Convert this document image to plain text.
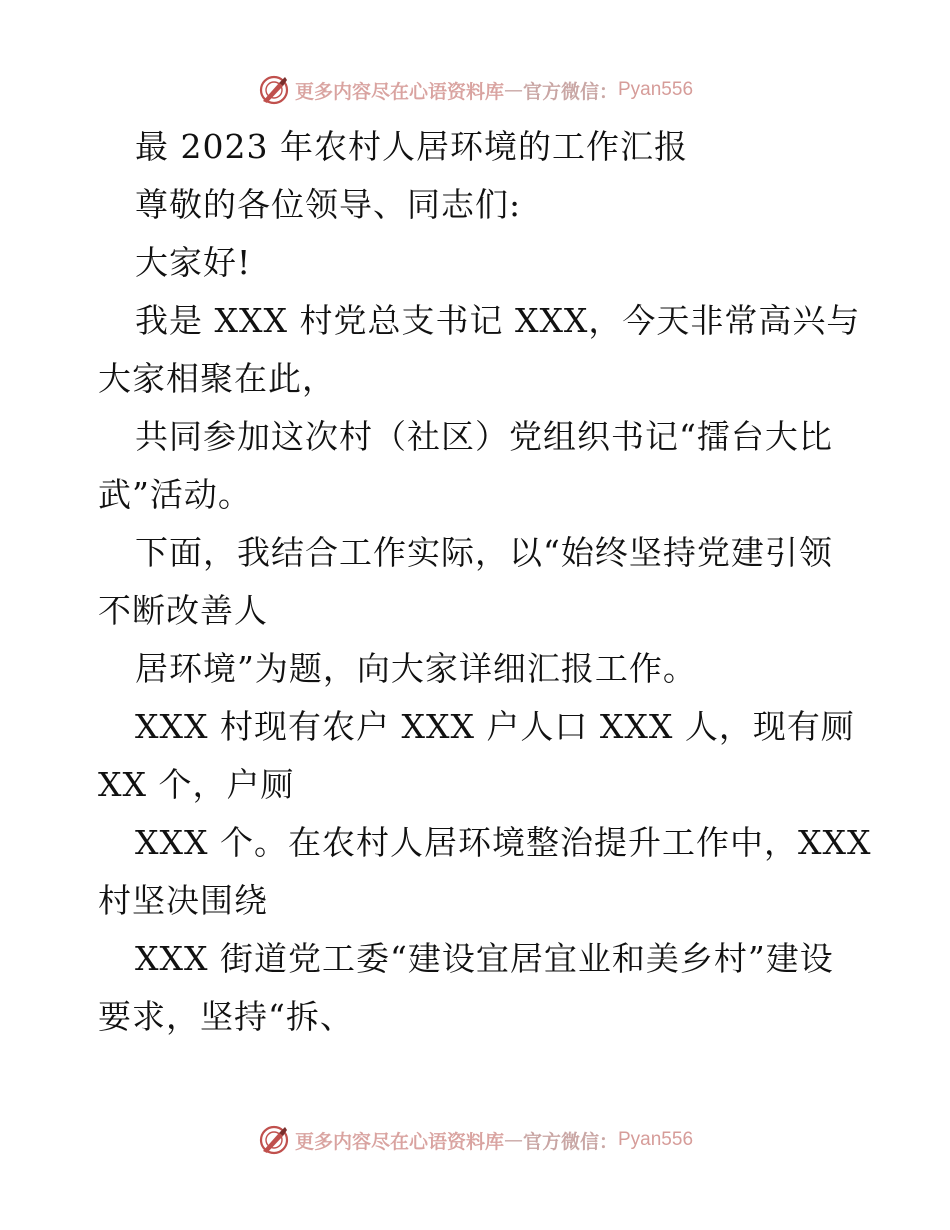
更多内容尽在心语资料库 — 官方微信： Pyan556
最 2023 年农村人居环境的工作汇报
尊敬的各位领导、同志们:
大家好!
我是 XXX 村党总支书记 XXX，今天非常高兴与
大家相聚在此，
共同参加这次村（社区）党组织书记“擂台大比
武”活动。
下面，我结合工作实际，以“始终坚持党建引领
不断改善人
居环境”为题，向大家详细汇报工作。
XXX 村现有农户 XXX 户人口 XXX 人，现有厕
XX 个，户厕
XXX 个。在农村人居环境整治提升工作中，XXX
村坚决围绕
XXX 街道党工委“建设宜居宜业和美乡村”建设
要求，坚持“拆、
更多内容尽在心语资料库 — 官方微信： Pyan556
